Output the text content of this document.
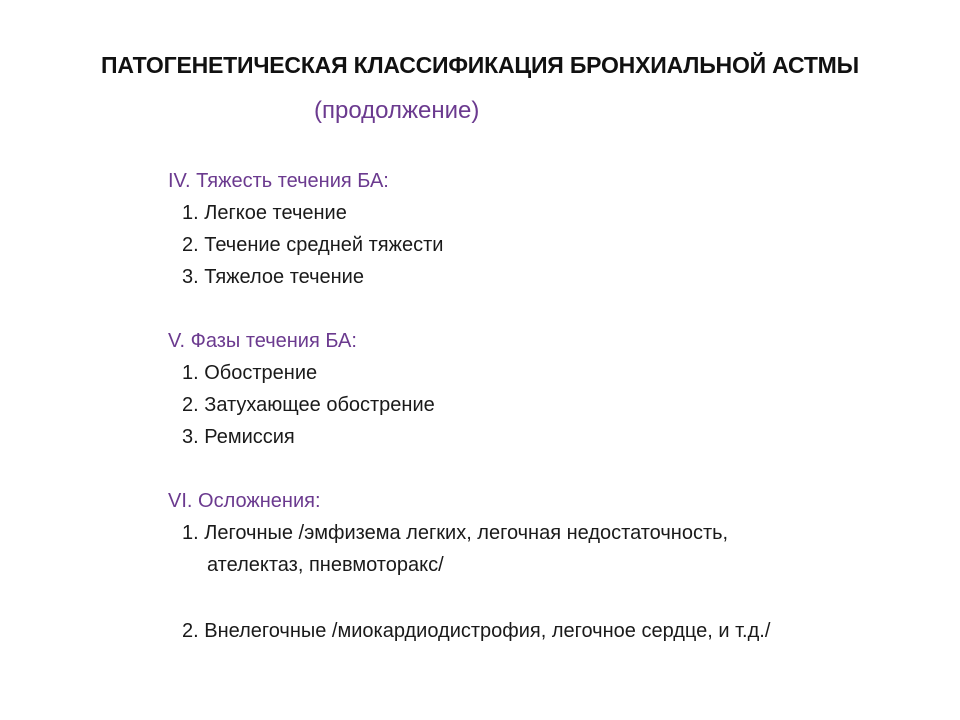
ПАТОГЕНЕТИЧЕСКАЯ КЛАССИФИКАЦИЯ БРОНХИАЛЬНОЙ АСТМЫ
(продолжение)
IV. Тяжесть течения БА:
1. Легкое течение
2. Течение средней тяжести
3. Тяжелое течение
V. Фазы течения БА:
1. Обострение
2. Затухающее обострение
3. Ремиссия
VI. Осложнения:
1. Легочные /эмфизема легких, легочная недостаточность,
ателектаз, пневмоторакс/
2. Внелегочные /миокардиодистрофия, легочное сердце, и т.д./
